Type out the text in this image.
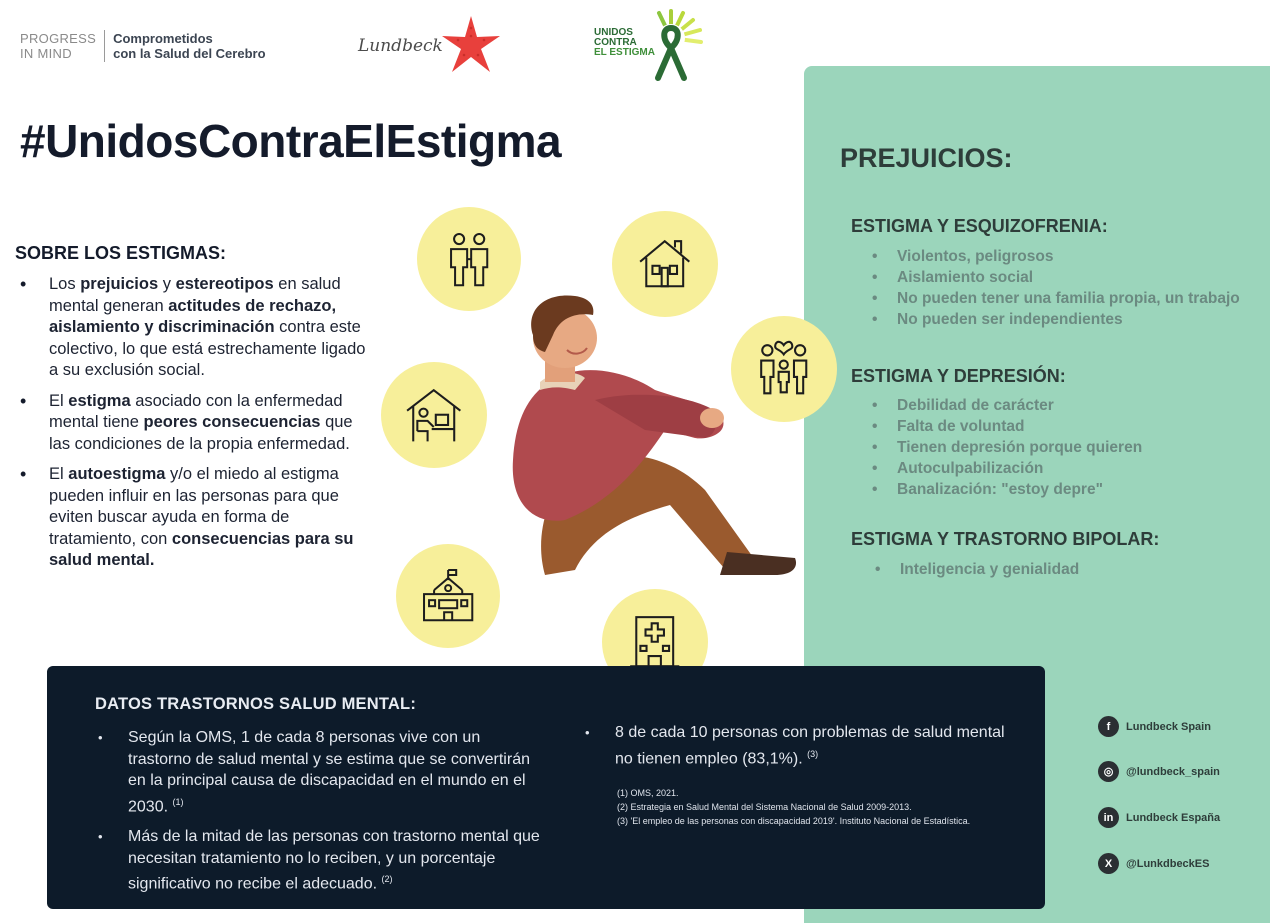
PROGRESS
IN MIND
Comprometidos
con la Salud del Cerebro	Lundbeck
UNIDOS
CONTRA
EL ESTIGMA
#UnidosContraElEstigma
SOBRE LOS ESTIGMAS:
• Los prejuicios y estereotipos en salud mental generan actitudes de rechazo, aislamiento y discriminación contra este colectivo, lo que está estrechamente ligado a su exclusión social.
• El estigma asociado con la enfermedad mental tiene peores consecuencias que las condiciones de la propia enfermedad.
• El autoestigma y/o el miedo al estigma pueden influir en las personas para que eviten buscar ayuda en forma de tratamiento, con consecuencias para su salud mental.
PREJUICIOS:
ESTIGMA Y ESQUIZOFRENIA:
• Violentos, peligrosos
• Aislamiento social
• No pueden tener una familia propia, un trabajo
• No pueden ser independientes
ESTIGMA Y DEPRESIÓN:
• Debilidad de carácter
• Falta de voluntad
• Tienen depresión porque quieren
• Autoculpabilización
• Banalización: "estoy depre"
ESTIGMA Y TRASTORNO BIPOLAR:
• Inteligencia y genialidad
DATOS TRASTORNOS SALUD MENTAL:
• Según la OMS, 1 de cada 8 personas vive con un trastorno de salud mental y se estima que se convertirán en la principal causa de discapacidad en el mundo en el 2030. $^{(1)}$
• Más de la mitad de las personas con trastorno mental que necesitan tratamiento no lo reciben, y un porcentaje significativo no recibe el adecuado. $^{(2)}$
• 8 de cada 10 personas con problemas de salud mental no tienen empleo (83,1%). $^{(3)}$
(1) OMS, 2021.
(2) Estrategia en Salud Mental del Sistema Nacional de Salud 2009-2013.
(3) 'El empleo de las personas con discapacidad 2019'. Instituto Nacional de Estadística.
f	Lundbeck Spain
◎	@lundbeck_spain
in	Lundbeck España
X	@LunkdbeckES
